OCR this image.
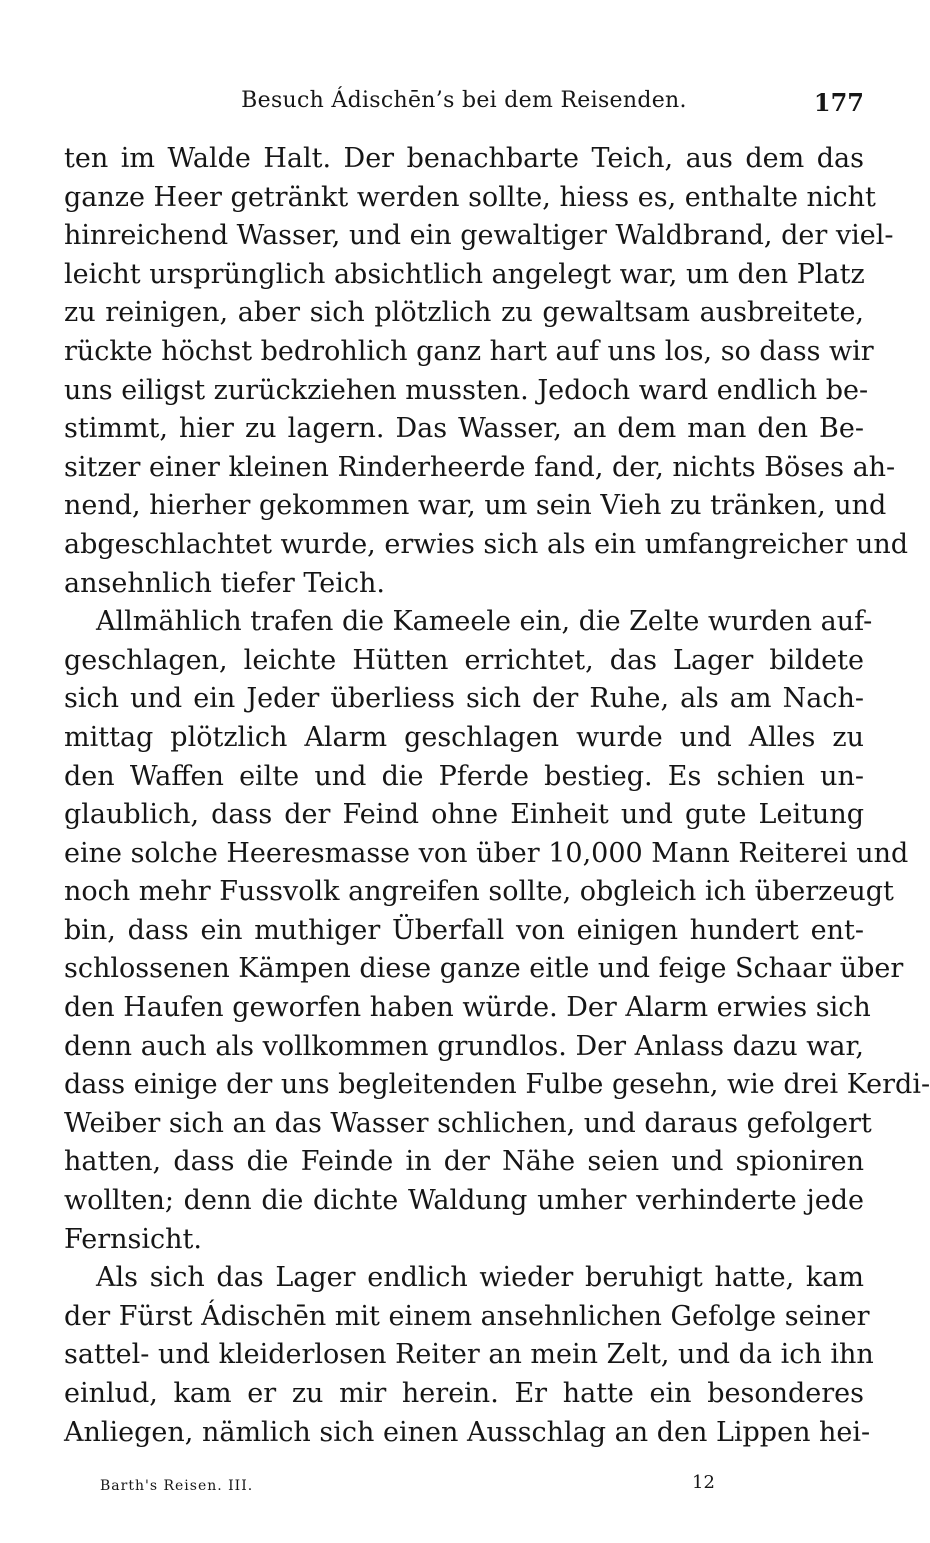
Besuch Ádischēn’s bei dem Reisenden.	177
ten im Walde Halt. Der benachbarte Teich, aus dem das
ganze Heer getränkt werden sollte, hiess es, enthalte nicht
hinreichend Wasser, und ein gewaltiger Waldbrand, der viel-
leicht ursprünglich absichtlich angelegt war, um den Platz
zu reinigen, aber sich plötzlich zu gewaltsam ausbreitete,
rückte höchst bedrohlich ganz hart auf uns los, so dass wir
uns eiligst zurückziehen mussten. Jedoch ward endlich be-
stimmt, hier zu lagern. Das Wasser, an dem man den Be-
sitzer einer kleinen Rinderheerde fand, der, nichts Böses ah-
nend, hierher gekommen war, um sein Vieh zu tränken, und
abgeschlachtet wurde, erwies sich als ein umfangreicher und
ansehnlich tiefer Teich.
Allmählich trafen die Kameele ein, die Zelte wurden auf-
geschlagen, leichte Hütten errichtet, das Lager bildete
sich und ein Jeder überliess sich der Ruhe, als am Nach-
mittag plötzlich Alarm geschlagen wurde und Alles zu
den Waffen eilte und die Pferde bestieg. Es schien un-
glaublich, dass der Feind ohne Einheit und gute Leitung
eine solche Heeresmasse von über 10,000 Mann Reiterei und
noch mehr Fussvolk angreifen sollte, obgleich ich überzeugt
bin, dass ein muthiger Überfall von einigen hundert ent-
schlossenen Kämpen diese ganze eitle und feige Schaar über
den Haufen geworfen haben würde. Der Alarm erwies sich
denn auch als vollkommen grundlos. Der Anlass dazu war,
dass einige der uns begleitenden Fulbe gesehn, wie drei Kerdi-
Weiber sich an das Wasser schlichen, und daraus gefolgert
hatten, dass die Feinde in der Nähe seien und spioniren
wollten; denn die dichte Waldung umher verhinderte jede
Fernsicht.
Als sich das Lager endlich wieder beruhigt hatte, kam
der Fürst Ádischēn mit einem ansehnlichen Gefolge seiner
sattel- und kleiderlosen Reiter an mein Zelt, und da ich ihn
einlud, kam er zu mir herein. Er hatte ein besonderes
Anliegen, nämlich sich einen Ausschlag an den Lippen hei-
Barth's Reisen. III.	12
